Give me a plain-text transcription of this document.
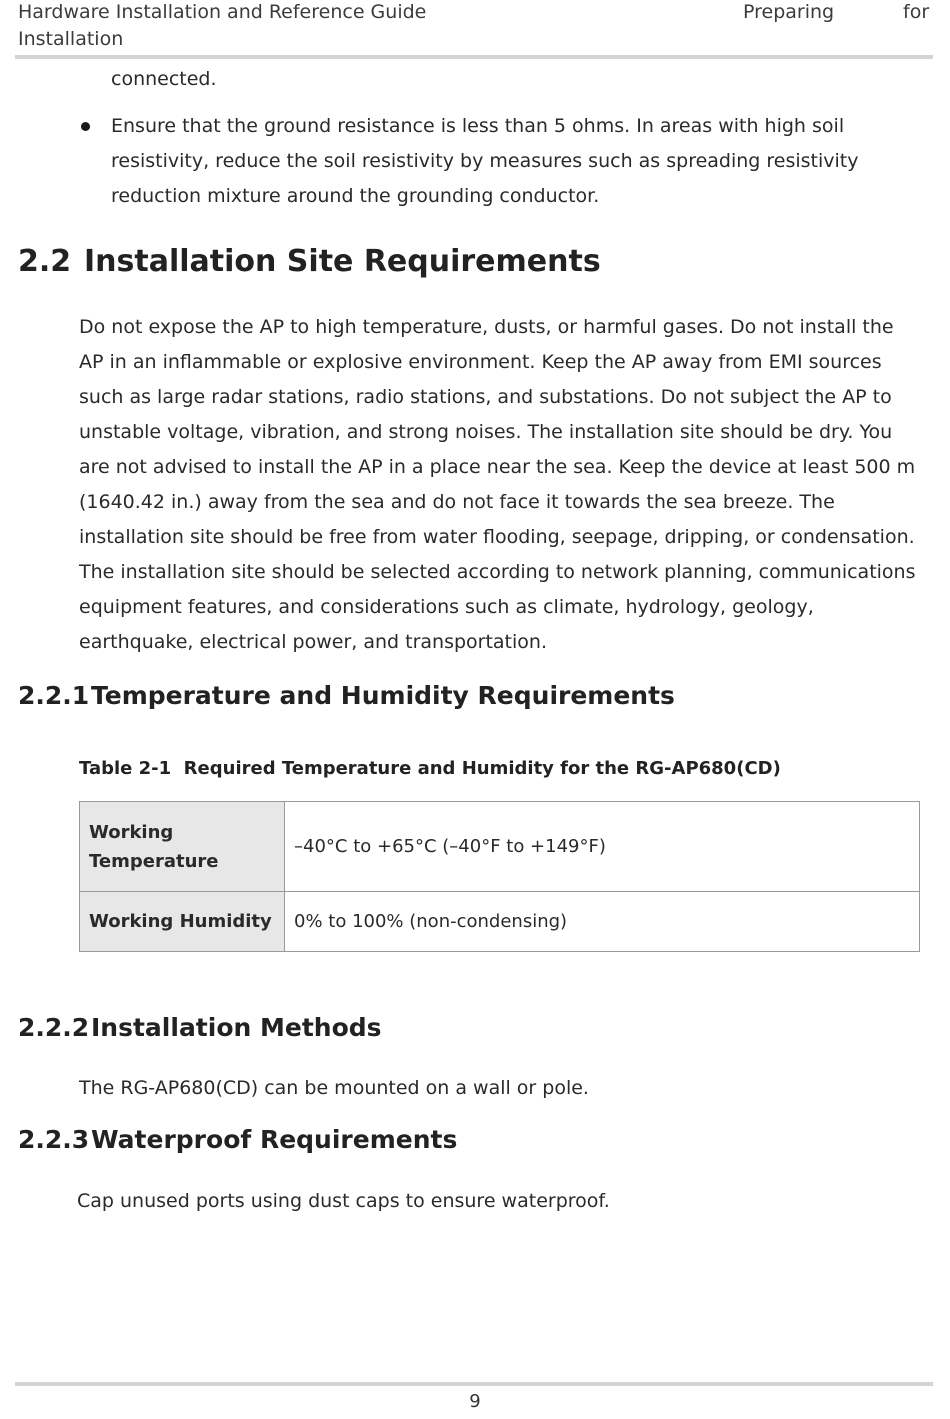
Hardware Installation and Reference Guide
Installation
Preparing	for
connected.
Ensure that the ground resistance is less than 5 ohms. In areas with high soil resistivity, reduce the soil resistivity by measures such as spreading resistivity reduction mixture around the grounding conductor.
2.2 Installation Site Requirements
Do not expose the AP to high temperature, dusts, or harmful gases. Do not install the AP in an inflammable or explosive environment. Keep the AP away from EMI sources such as large radar stations, radio stations, and substations. Do not subject the AP to unstable voltage, vibration, and strong noises. The installation site should be dry. You are not advised to install the AP in a place near the sea. Keep the device at least 500 m (1640.42 in.) away from the sea and do not face it towards the sea breeze. The installation site should be free from water flooding, seepage, dripping, or condensation. The installation site should be selected according to network planning, communications equipment features, and considerations such as climate, hydrology, geology, earthquake, electrical power, and transportation.
2.2.1Temperature and Humidity Requirements
Table 2-1  Required Temperature and Humidity for the RG-AP680(CD)
Working Temperature	–40°C to +65°C (–40°F to +149°F)
Working Humidity	0% to 100% (non-condensing)
2.2.2Installation Methods
The RG-AP680(CD) can be mounted on a wall or pole.
2.2.3Waterproof Requirements
Cap unused ports using dust caps to ensure waterproof.
9
